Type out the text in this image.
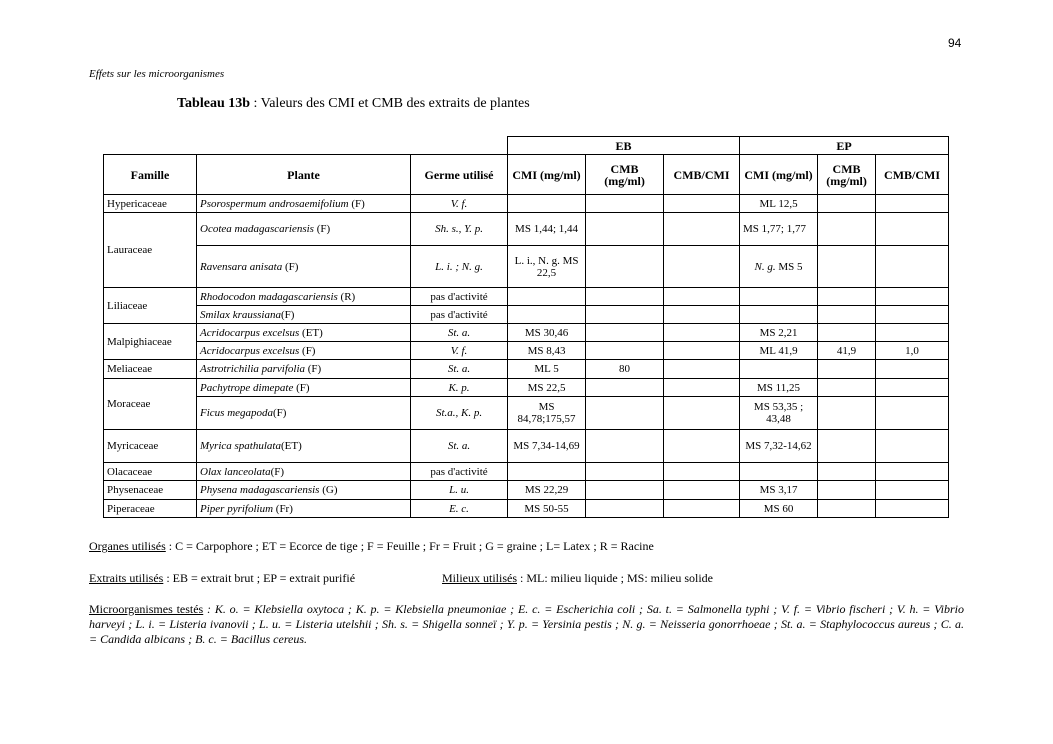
94
Effets sur les microorganismes
Tableau 13b : Valeurs des CMI et CMB des extraits de plantes
			EB			EP		
Famille	Plante	Germe utilisé	CMI (mg/ml)	CMB (mg/ml)	CMB/CMI	CMI (mg/ml)	CMB (mg/ml)	CMB/CMI
Hypericaceae	Psorospermum androsaemifolium (F)	V. f.				ML 12,5		
Lauraceae	Ocotea madagascariensis (F)	Sh. s., Y. p.	MS 1,44; 1,44			MS 1,77; 1,77		
	Ravensara anisata (F)	L. i. ; N. g.	L. i., N. g. MS 22,5			N. g. MS 5		
Liliaceae	Rhodocodon madagascariensis (R)	pas d'activité						
	Smilax kraussiana(F)	pas d'activité						
Malpighiaceae	Acridocarpus excelsus (ET)	St. a.	MS 30,46			MS 2,21		
	Acridocarpus excelsus (F)	V. f.	MS 8,43			ML 41,9	41,9	1,0
Meliaceae	Astrotrichilia parvifolia (F)	St. a.	ML 5	80				
Moraceae	Pachytrope dimepate (F)	K. p.	MS 22,5			MS 11,25		
	Ficus megapoda(F)	St.a., K. p.	MS 84,78;175,57			MS 53,35 ; 43,48		
Myricaceae	Myrica spathulata(ET)	St. a.	MS 7,34-14,69			MS 7,32-14,62		
Olacaceae	Olax lanceolata(F)	pas d'activité						
Physenaceae	Physena madagascariensis (G)	L. u.	MS 22,29			MS 3,17		
Piperaceae	Piper pyrifolium (Fr)	E. c.	MS 50-55			MS 60		
Organes utilisés : C = Carpophore ; ET = Ecorce de tige ; F = Feuille ; Fr = Fruit ; G = graine ; L= Latex ; R = Racine
Extraits utilisés : EB = extrait brut ; EP = extrait purifié	Milieux utilisés : ML: milieu liquide ; MS: milieu solide
Microorganismes testés : K. o. = Klebsiella oxytoca ; K. p. = Klebsiella pneumoniae ; E. c. = Escherichia coli ; Sa. t. = Salmonella typhi ; V. f. = Vibrio fischeri ; V. h. = Vibrio harveyi ; L. i. = Listeria ivanovii ; L. u. = Listeria utelshii ; Sh. s. = Shigella sonneï ; Y. p. = Yersinia pestis ; N. g. = Neisseria gonorrhoeae ; St. a. = Staphylococcus aureus ; C. a. = Candida albicans ; B. c. = Bacillus cereus.
